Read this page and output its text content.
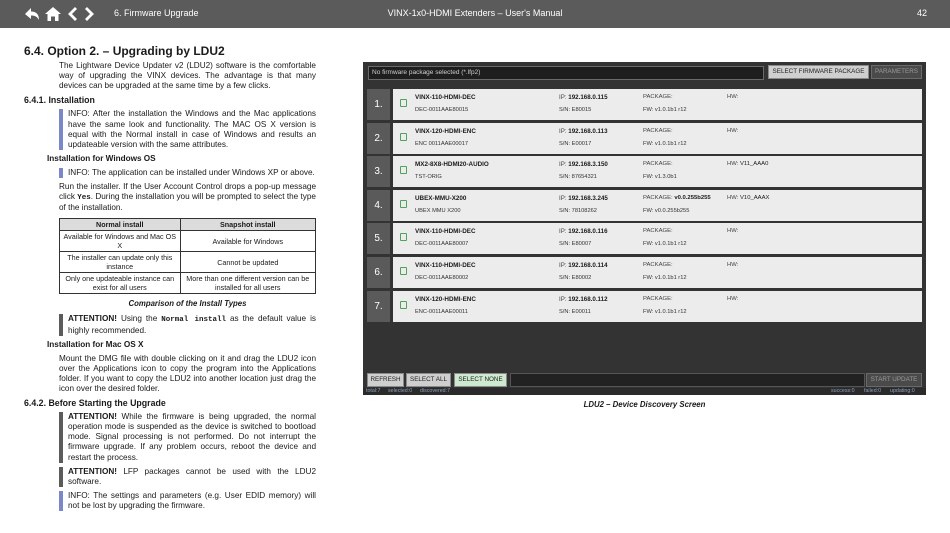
6. Firmware Upgrade	VINX-1x0-HDMI Extenders – User's Manual	42
6.4. Option 2. – Upgrading by LDU2

The Lightware Device Updater v2 (LDU2) software is the comfortable way of upgrading the VINX devices. The advantage is that many devices can be upgraded at the same time by a few clicks.

6.4.1. Installation
INFO: After the installation the Windows and the Mac applications have the same look and functionality. The MAC OS X version is equal with the Normal install in case of Windows and results an updateable version with the same attributes.
Installation for Windows OS
INFO: The application can be installed under Windows XP or above.

Run the installer. If the User Account Control drops a pop-up message click Yes. During the installation you will be prompted to select the type of the installation.

Normal install	Snapshot install
Available for Windows and Mac OS X	Available for Windows
The installer can update only this instance	Cannot be updated
Only one updateable instance can exist for all users	More than one different version can be installed for all users
Comparison of the Install Types
ATTENTION! Using the Normal install as the default value is highly recommended.
Installation for Mac OS X

Mount the DMG file with double clicking on it and drag the LDU2 icon over the Applications icon to copy the program into the Applications folder. If you want to copy the LDU2 into another location just drag the icon over the desired folder.

6.4.2. Before Starting the Upgrade
ATTENTION! While the firmware is being upgraded, the normal operation mode is suspended as the device is switched to bootload mode. Signal processing is not performed. Do not interrupt the firmware upgrade. If any problem occurs, reboot the device and restart the process.
ATTENTION! LFP packages cannot be used with the LDU2 software.
INFO: The settings and parameters (e.g. User EDID memory) will not be lost by upgrading the firmware.
No firmware package selected (*.lfp2)	SELECT FIRMWARE PACKAGE	PARAMETERS
1.
VINX-110-HDMI-DEC
DEC-0011AAE80015
IP: 192.168.0.115
S/N: E80015
PACKAGE:
FW: v1.0.1b1 r12
HW:
2.
VINX-120-HDMI-ENC
ENC 0011AAE00017
IP: 192.168.0.113
S/N: E00017
PACKAGE:
FW: v1.0.1b1 r12
HW:
3.
MX2-8X8-HDMI20-AUDIO
TST-ORIG
IP: 192.168.3.150
S/N: 87654321
PACKAGE:
FW: v1.3.0b1
HW: V11_AAA0
4.
UBEX-MMU-X200
UBEX MMU X200
IP: 192.168.3.245
S/N: 78108262
PACKAGE: v0.0.255b255
FW: v0.0.255b255
HW: V10_AAAX
5.
VINX-110-HDMI-DEC
DEC-0011AAE80007
IP: 192.168.0.116
S/N: E80007
PACKAGE:
FW: v1.0.1b1 r12
HW:
6.
VINX-110-HDMI-DEC
DEC-0011AAE80002
IP: 192.168.0.114
S/N: E80002
PACKAGE:
FW: v1.0.1b1 r12
HW:
7.
VINX-120-HDMI-ENC
ENC-0011AAE00011
IP: 192.168.0.112
S/N: E00011
PACKAGE:
FW: v1.0.1b1 r12
HW:
REFRESH	SELECT ALL	SELECT NONE	START UPDATE
total:7 selected:0 discovered:7	success:0 failed:0 updating:0
LDU2 – Device Discovery Screen
